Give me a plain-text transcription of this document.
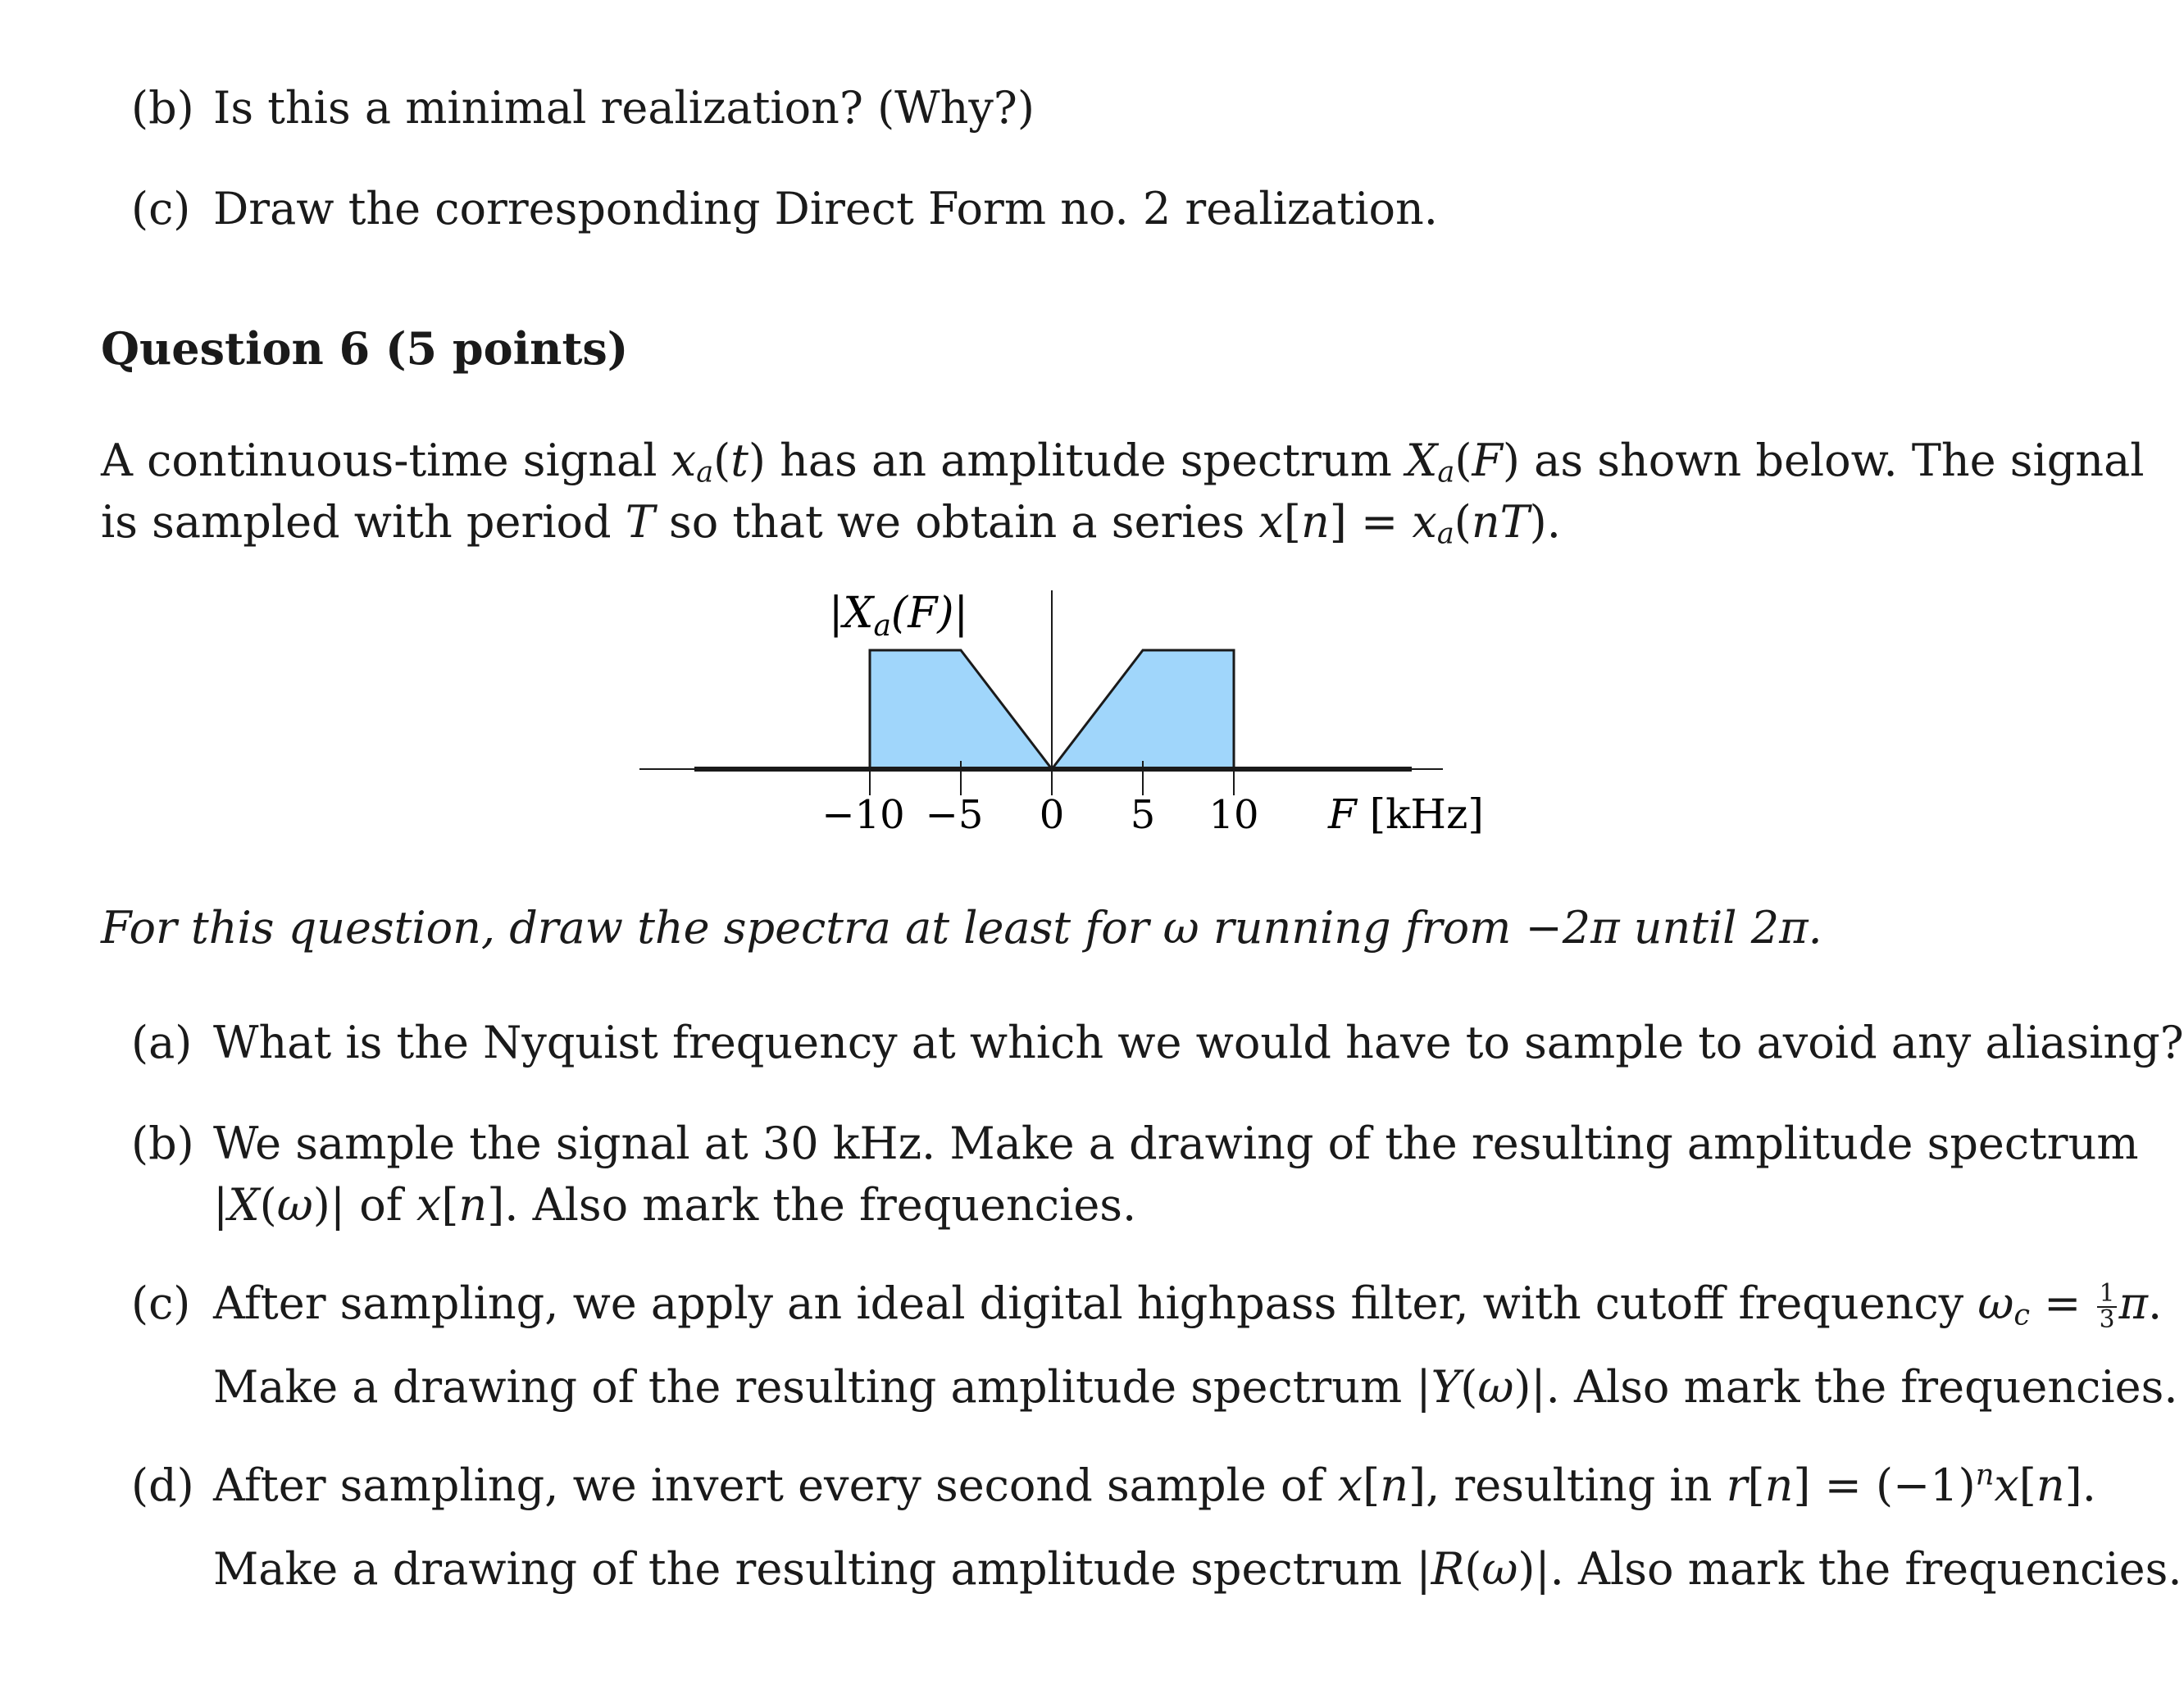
(b) Is this a minimal realization? (Why?)
(c) Draw the corresponding Direct Form no. 2 realization.
Question 6 (5 points)
A continuous-time signal $x_a(t)$ has an amplitude spectrum $X_a(F)$ as shown below. The signal
is sampled with period T so that we obtain a series $x[n] = x_a(nT)$.
|Xa(F)|
−10 −5 0 5 10 F [kHz]
For this question, draw the spectra at least for ω running from −2π until 2π.
(a) What is the Nyquist frequency at which we would have to sample to avoid any aliasing?
(b) We sample the signal at 30 kHz. Make a drawing of the resulting amplitude spectrum
|X(ω)| of x[n]. Also mark the frequencies.
(c) After sampling, we apply an ideal digital highpass filter, with cutoff frequency $\omega_c = \frac{1}{3} \pi$.
Make a drawing of the resulting amplitude spectrum |Y(ω)|. Also mark the frequencies.
(d) After sampling, we invert every second sample of x[n], resulting in $r[n] = (-1)^nx[n]$.
Make a drawing of the resulting amplitude spectrum |R(ω)|. Also mark the frequencies.
